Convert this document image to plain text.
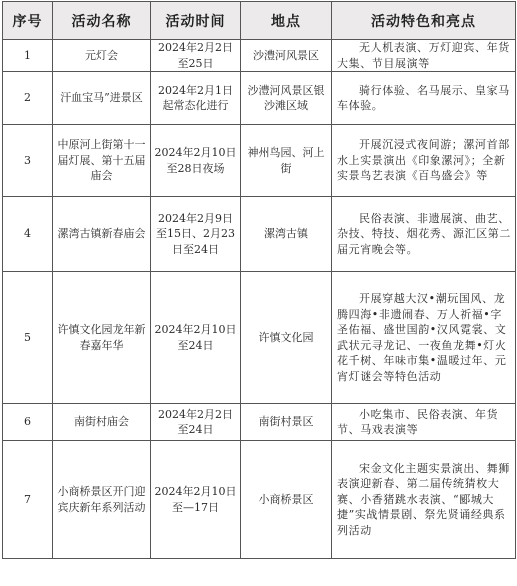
序号	活动名称	活动时间	地点	活动特色和亮点
1	元灯会	2024年2月2日至25日	沙澧河风景区	无人机表演、万灯迎宾、年货大集、节目展演等
2	汗血宝马”进景区	2024年2月1日起常态化进行	沙澧河风景区银沙滩区域	骑行体验、名马展示、皇家马车体验。
3	中原河上街第十一届灯展、第十五届庙会	2024年2月10日至28日夜场	神州鸟园、河上街	开展沉浸式夜间游；漯河首部水上实景演出《印象漯河》；全新实景鸟艺表演《百鸟盛会》等
4	漯湾古镇新春庙会	2024年2月9日至15日、2月23日至24日	漯湾古镇	民俗表演、非遗展演、曲艺、杂技、特技、烟花秀、源汇区第二届元宵晚会等。
5	许慎文化园龙年新春嘉年华	2024年2月10日至24日	许慎文化园	开展穿越大汉•潮玩国风、龙腾四海•非遗闹春、万人祈福•字圣佑福、盛世国韵•汉风霓裳、文武状元寻龙记、一夜鱼龙舞•灯火花千树、年味市集•温暖过年、元宵灯谜会等特色活动
6	南街村庙会	2024年2月2日至24日	南街村景区	小吃集市、民俗表演、年货节、马戏表演等
7	小商桥景区开门迎宾庆新年系列活动	2024年2月10日至—17日	小商桥景区	宋金文化主题实景演出、舞狮表演迎新春、第二届传统猜枚大赛、小香猪跳水表演、“郾城大捷”实战情景剧、祭先贤诵经典系列活动
